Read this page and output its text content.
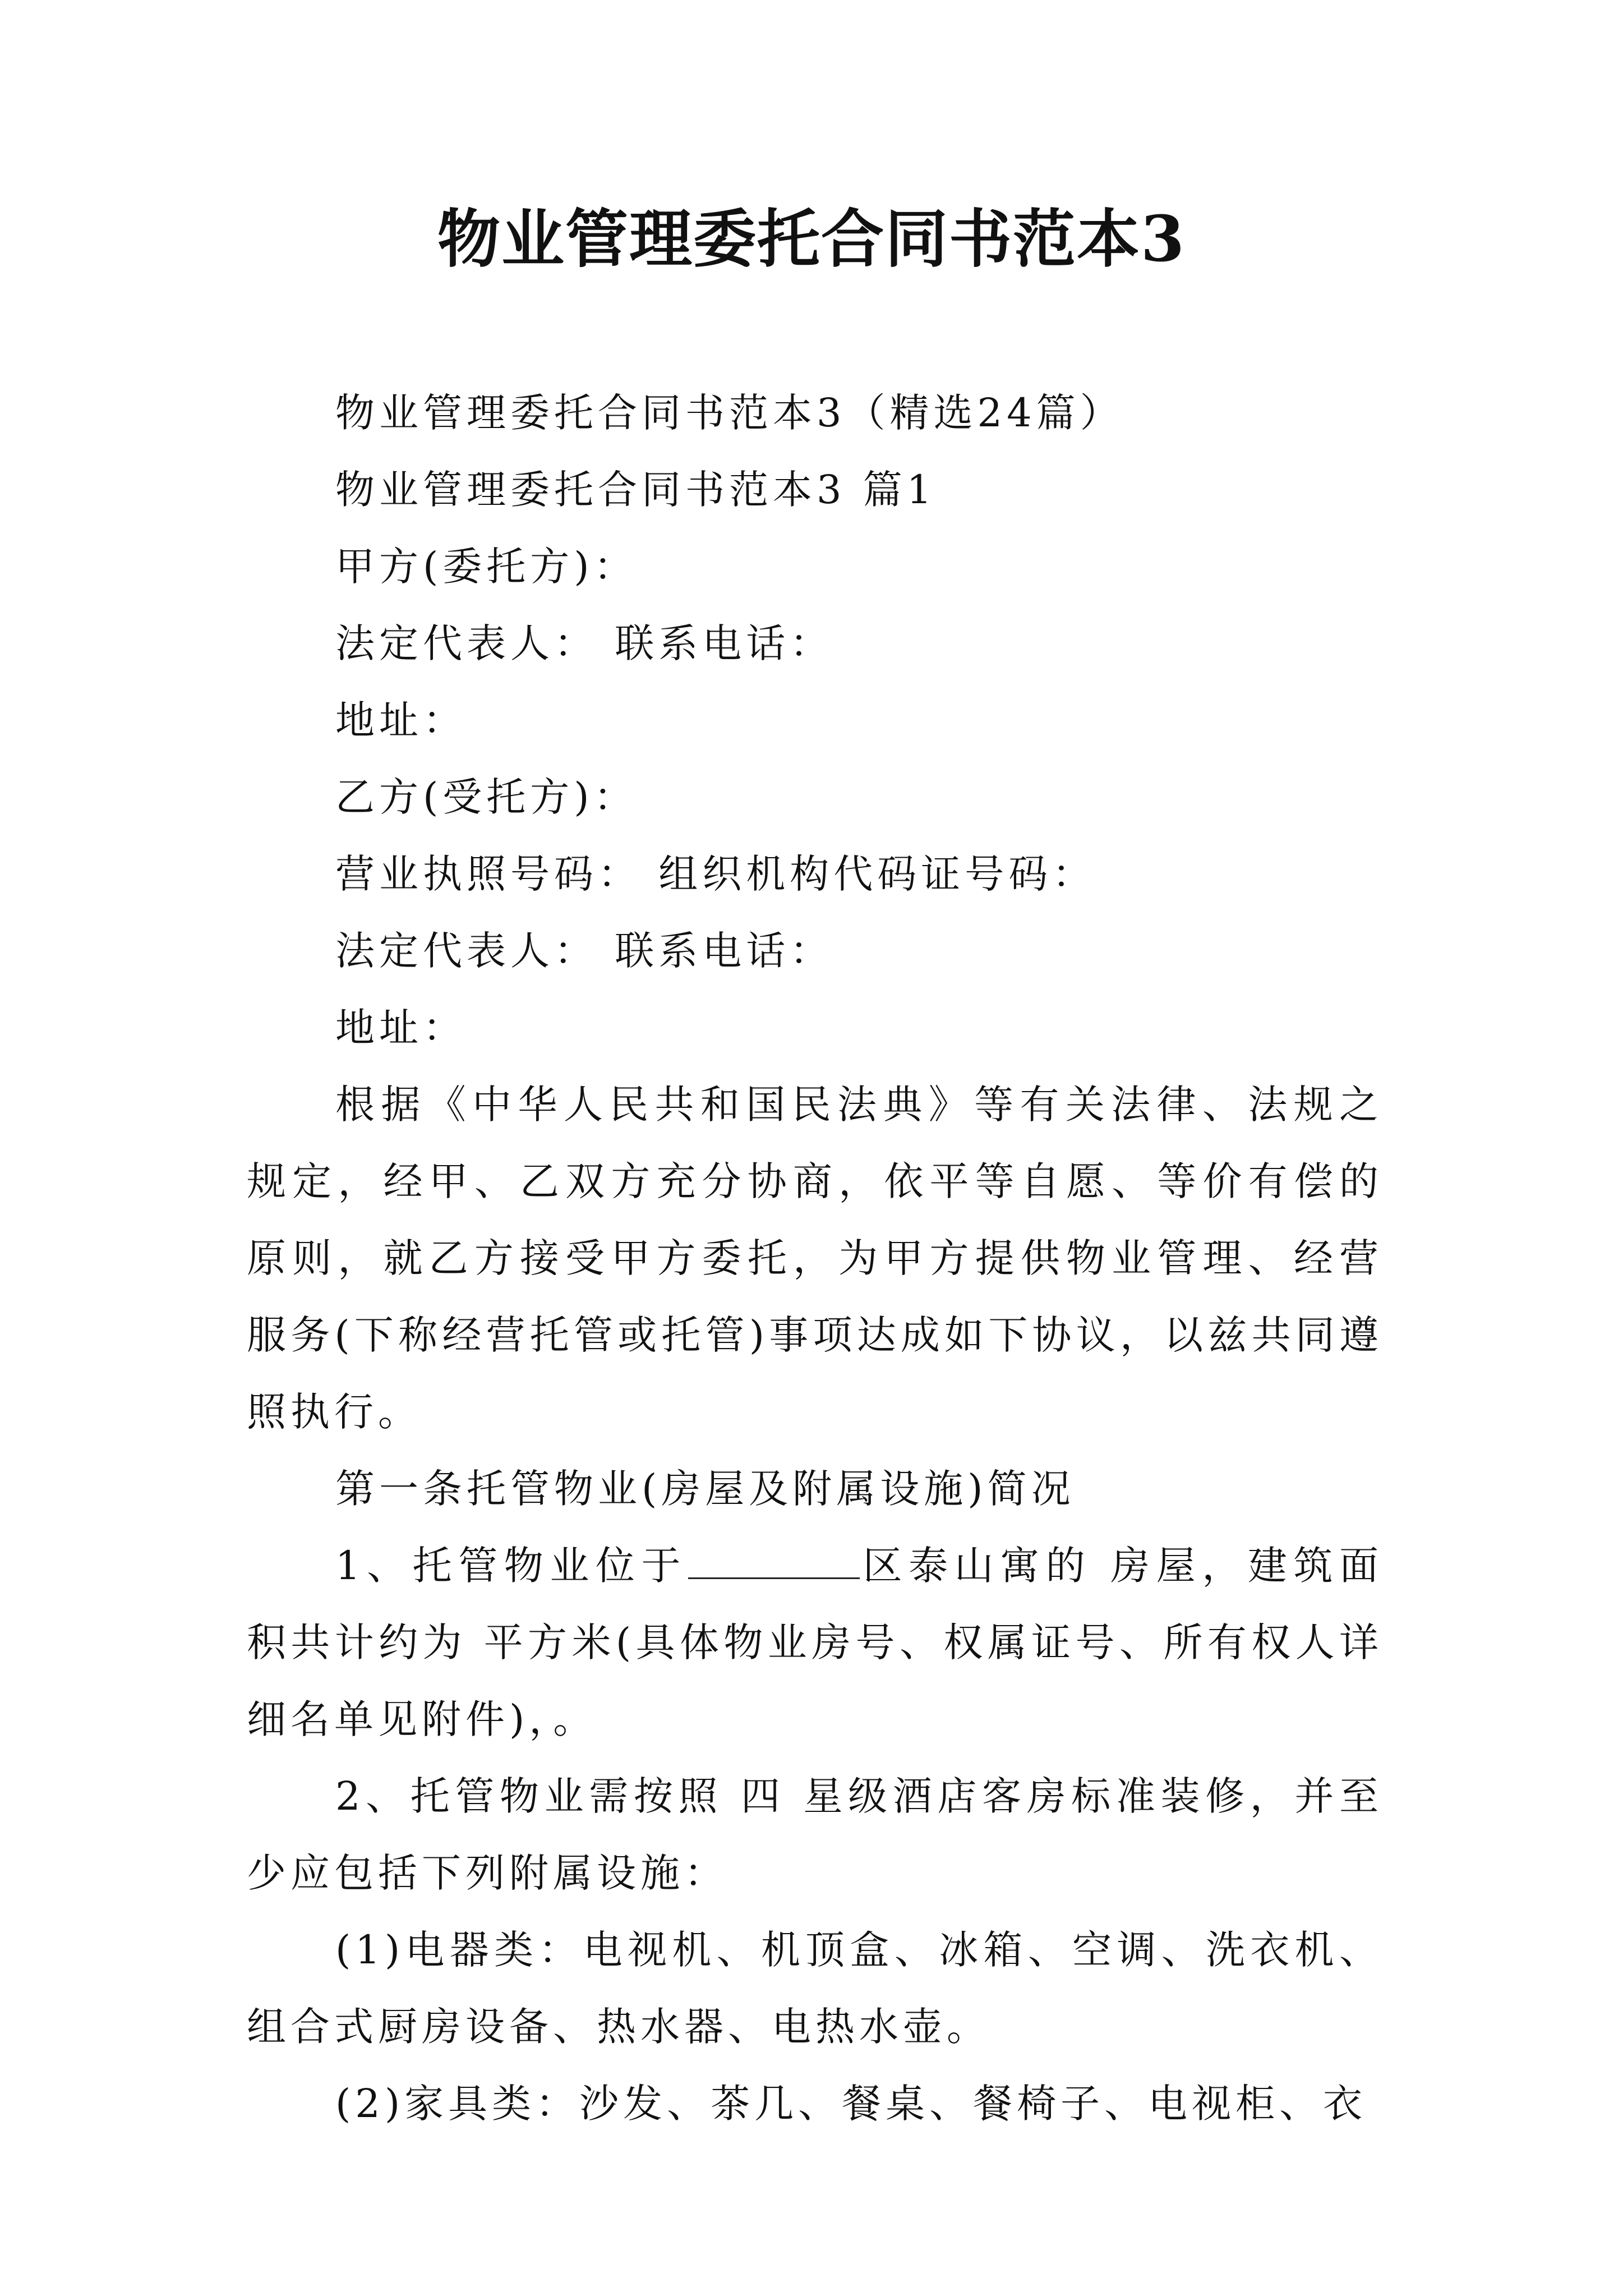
物业管理委托合同书范本3

物业管理委托合同书范本3（精选24篇）

物业管理委托合同书范本3 篇1

甲方(委托方)：

法定代表人： 联系电话：

地址：

乙方(受托方)：

营业执照号码： 组织机构代码证号码：

法定代表人： 联系电话：

地址：

根据《中华人民共和国民法典》等有关法律、法规之规定，经甲、乙双方充分协商，依平等自愿、等价有偿的原则，就乙方接受甲方委托，为甲方提供物业管理、经营服务(下称经营托管或托管)事项达成如下协议，以兹共同遵照执行。

第一条托管物业(房屋及附属设施)简况

1、托管物业位于	区泰山寓的 房屋，建筑面积共计约为 平方米(具体物业房号、权属证号、所有权人详细名单见附件)，。

2、托管物业需按照 四 星级酒店客房标准装修，并至少应包括下列附属设施：

(1)电器类：电视机、机顶盒、冰箱、空调、洗衣机、组合式厨房设备、热水器、电热水壶。

(2)家具类：沙发、茶几、餐桌、餐椅子、电视柜、衣
